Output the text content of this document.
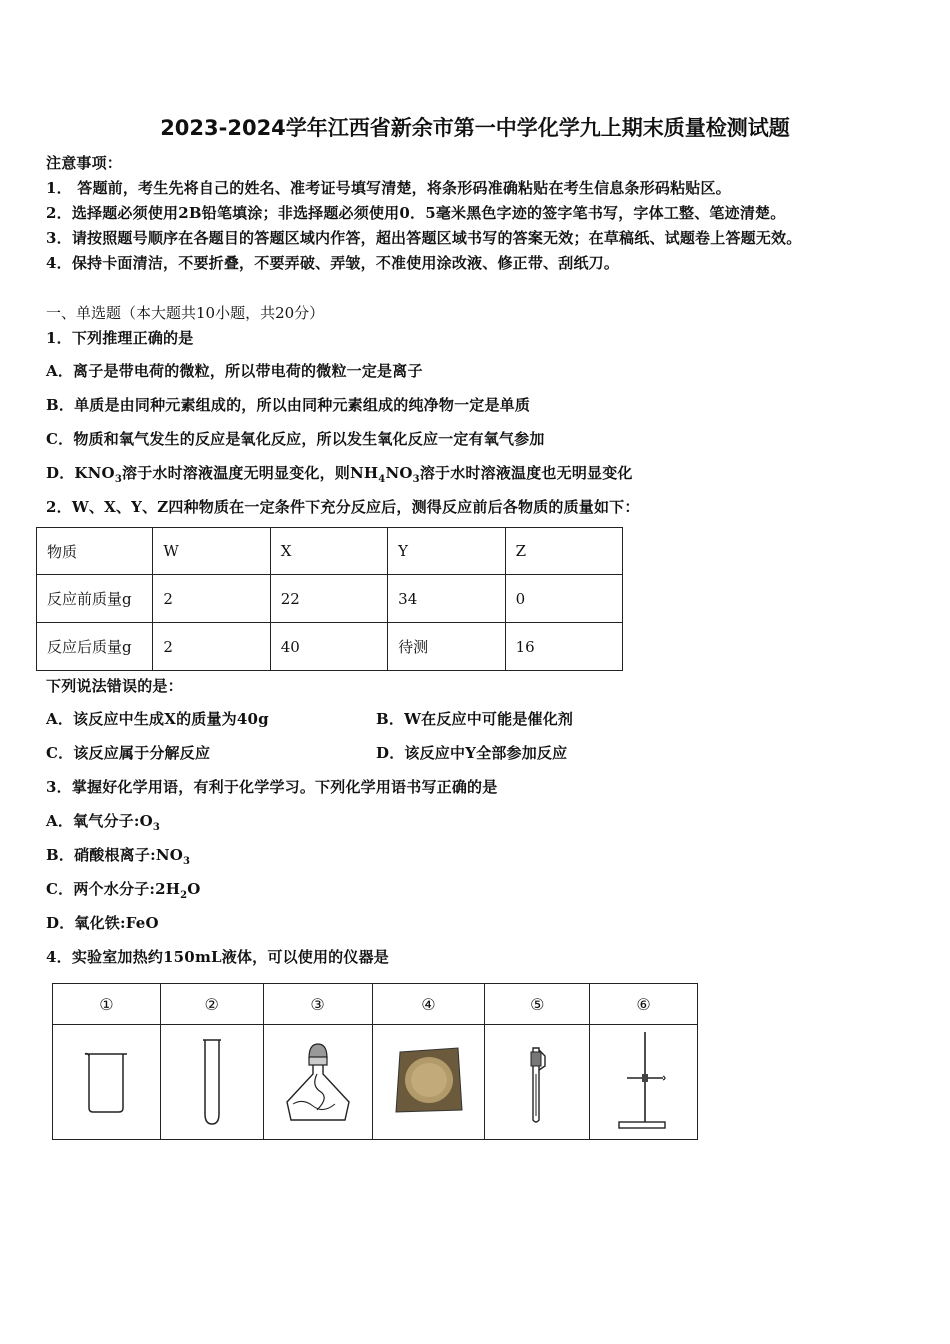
2023-2024学年江西省新余市第一中学化学九上期末质量检测试题
注意事项：
1． 答题前，考生先将自己的姓名、准考证号填写清楚，将条形码准确粘贴在考生信息条形码粘贴区。
2．选择题必须使用2B铅笔填涂；非选择题必须使用0．5毫米黑色字迹的签字笔书写，字体工整、笔迹清楚。
3．请按照题号顺序在各题目的答题区域内作答，超出答题区域书写的答案无效；在草稿纸、试题卷上答题无效。
4．保持卡面清洁，不要折叠，不要弄破、弄皱，不准使用涂改液、修正带、刮纸刀。
一、单选题（本大题共10小题，共20分）
1．下列推理正确的是
A．离子是带电荷的微粒，所以带电荷的微粒一定是离子
B．单质是由同种元素组成的，所以由同种元素组成的纯净物一定是单质
C．物质和氧气发生的反应是氧化反应，所以发生氧化反应一定有氧气参加
D．$KNO_3$溶于水时溶液温度无明显变化，则$NH_4NO_3$溶于水时溶液温度也无明显变化
2．W、X、Y、Z四种物质在一定条件下充分反应后，测得反应前后各物质的质量如下：
物质	W	X	Y	Z
反应前质量g	2	22	34	0
反应后质量g	2	40	待测	16
下列说法错误的是：
A．该反应中生成X的质量为40g	B．W在反应中可能是催化剂
C．该反应属于分解反应	D．该反应中Y全部参加反应
3．掌握好化学用语，有利于化学学习。下列化学用语书写正确的是
A．氧气分子$:O_3$
B．硝酸根离子$:NO_3$
C．两个水分子$:2H_2O$
D．氧化铁:FeO
4．实验室加热约150mL液体，可以使用的仪器是
①	②	③	④	⑤	⑥
